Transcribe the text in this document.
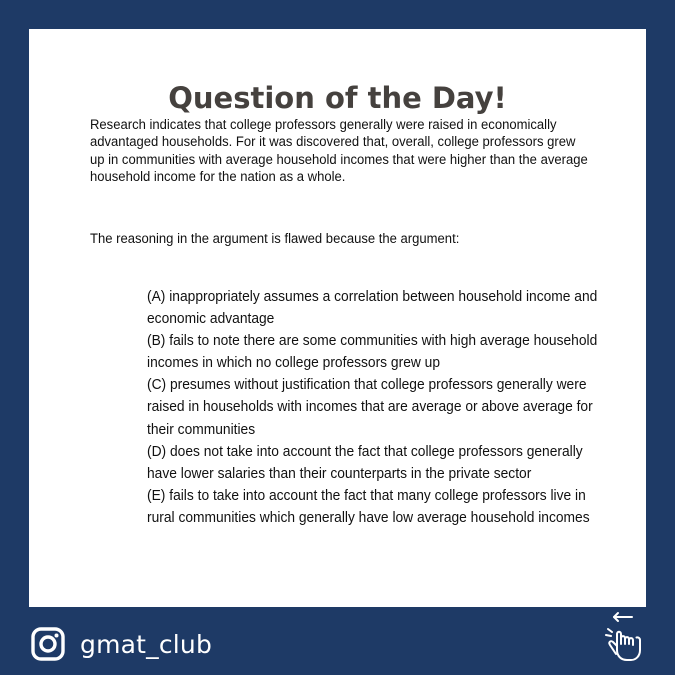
Question of the Day!

Research indicates that college professors generally were raised in economically advantaged households. For it was discovered that, overall, college professors grew up in communities with average household incomes that were higher than the average household income for the nation as a whole.

The reasoning in the argument is flawed because the argument:

(A) inappropriately assumes a correlation between household income and economic advantage
(B) fails to note there are some communities with high average household incomes in which no college professors grew up
(C) presumes without justification that college professors generally were raised in households with incomes that are average or above average for their communities
(D) does not take into account the fact that college professors generally have lower salaries than their counterparts in the private sector
(E) fails to take into account the fact that many college professors live in rural communities which generally have low average household incomes
gmat_club
